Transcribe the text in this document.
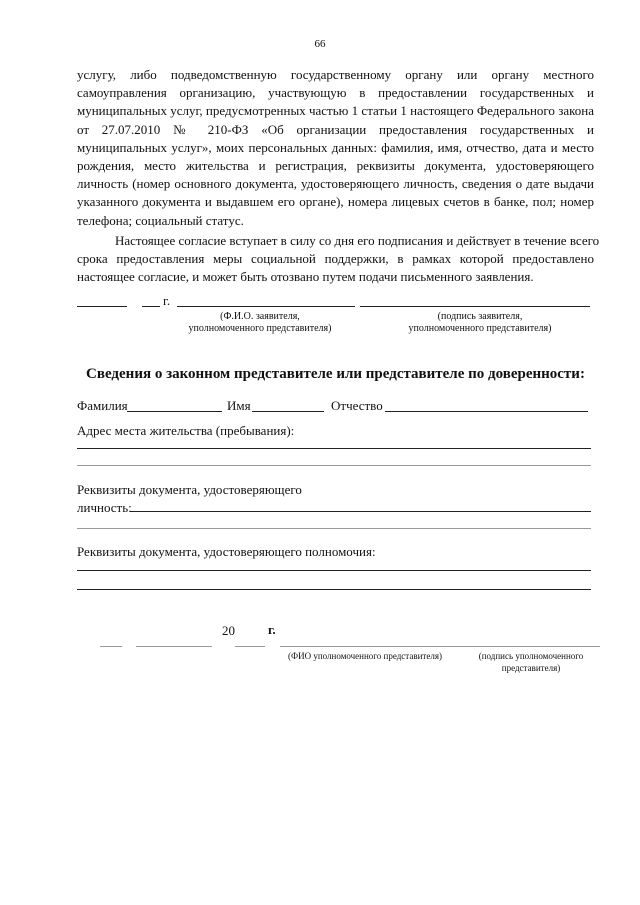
66
услугу, либо подведомственную государственному органу или органу местного
самоуправления организацию, участвующую в предоставлении государственных и
муниципальных услуг, предусмотренных частью 1 статьи 1 настоящего Федерального закона
от 27.07.2010 № 210-ФЗ «Об организации предоставления государственных и
муниципальных услуг», моих персональных данных: фамилия, имя, отчество, дата и место
рождения, место жительства и регистрация, реквизиты документа, удостоверяющего
личность (номер основного документа, удостоверяющего личность, сведения о дате выдачи
указанного документа и выдавшем его органе), номера лицевых счетов в банке, пол; номер
телефона; социальный статус.
Настоящее согласие вступает в силу со дня его подписания и действует в течение всего
срока предоставления меры социальной поддержки, в рамках которой предоставлено
настоящее согласие, и может быть отозвано путем подачи письменного заявления.
г.
(Ф.И.О. заявителя,
уполномоченного представителя)
(подпись заявителя,
уполномоченного представителя)
Сведения о законном представителе или представителе по доверенности:
Фамилия	Имя	Отчество
Адрес места жительства (пребывания):
Реквизиты документа, удостоверяющего
личность:
Реквизиты документа, удостоверяющего полномочия:
20	г.
(ФИО уполномоченного представителя)	(подпись уполномоченного
представителя)
